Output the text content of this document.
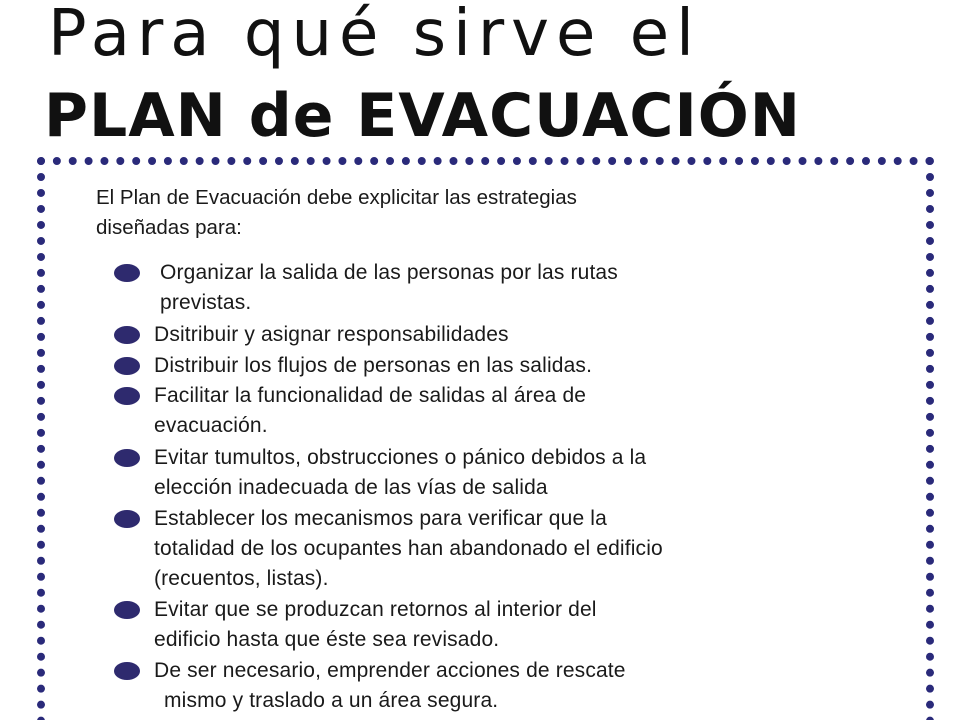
Para qué sirve el
PLAN de EVACUACIÓN
El Plan de Evacuación debe explicitar las estrategias
diseñadas para:
Organizar la salida de las personas por las rutas
previstas.
Dsitribuir y asignar responsabilidades
Distribuir los flujos de personas en las salidas.
Facilitar la funcionalidad de salidas al área de
evacuación.
Evitar tumultos, obstrucciones o pánico debidos a la
elección inadecuada de las vías de salida
Establecer los mecanismos para verificar que la
totalidad de los ocupantes han abandonado el edificio
(recuentos, listas).
Evitar que se produzcan retornos al interior del
edificio hasta que éste sea revisado.
De ser necesario, emprender acciones de rescate
mismo y traslado a un área segura.
